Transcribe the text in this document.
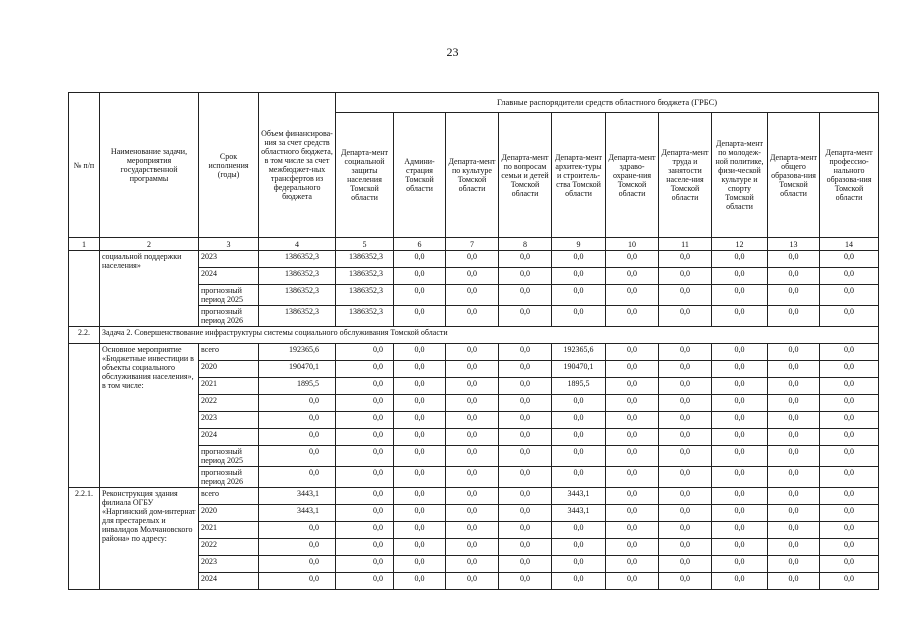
23
№ п/п	Наименование задачи, мероприятия государственной программы	Срок исполнения (годы)	Объем финансирова-ния за счет средств областного бюджета, в том числе за счет межбюджет-ных трансфертов из федерального бюджета	Главные распорядители средств областного бюджета (ГРБС)									
				Департа-мент социальной защиты населения Томской области	Админи-страция Томской области	Департа-мент по культуре Томской области	Департа-мент по вопросам семьи и детей Томской области	Департа-мент архитек-туры и строитель-ства Томской области	Департа-мент здраво-охране-ния Томской области	Департа-мент труда и занятости населе-ния Томской области	Департа-мент по молодеж-ной политике, физи-ческой культуре и спорту Томской области	Департа-мент общего образова-ния Томской области	Департа-мент профессио-нального образова-ния Томской области
1	2	3	4	5	6	7	8	9	10	11	12	13	14
	социальной поддержки населения»	2023	1386352,3	1386352,3	0,0	0,0	0,0	0,0	0,0	0,0	0,0	0,0	0,0
		2024	1386352,3	1386352,3	0,0	0,0	0,0	0,0	0,0	0,0	0,0	0,0	0,0
		прогнозный период 2025	1386352,3	1386352,3	0,0	0,0	0,0	0,0	0,0	0,0	0,0	0,0	0,0
		прогнозный период 2026	1386352,3	1386352,3	0,0	0,0	0,0	0,0	0,0	0,0	0,0	0,0	0,0
2.2.	Задача 2. Совершенствование инфраструктуры системы социального обслуживания Томской области												
	Основное мероприятие «Бюджетные инвестиции в объекты социального обслуживания населения», в том числе:	всего	192365,6	0,0	0,0	0,0	0,0	192365,6	0,0	0,0	0,0	0,0	0,0
		2020	190470,1	0,0	0,0	0,0	0,0	190470,1	0,0	0,0	0,0	0,0	0,0
		2021	1895,5	0,0	0,0	0,0	0,0	1895,5	0,0	0,0	0,0	0,0	0,0
		2022	0,0	0,0	0,0	0,0	0,0	0,0	0,0	0,0	0,0	0,0	0,0
		2023	0,0	0,0	0,0	0,0	0,0	0,0	0,0	0,0	0,0	0,0	0,0
		2024	0,0	0,0	0,0	0,0	0,0	0,0	0,0	0,0	0,0	0,0	0,0
		прогнозный период 2025	0,0	0,0	0,0	0,0	0,0	0,0	0,0	0,0	0,0	0,0	0,0
		прогнозный период 2026	0,0	0,0	0,0	0,0	0,0	0,0	0,0	0,0	0,0	0,0	0,0
2.2.1.	Реконструкция здания филиала ОГБУ «Наргинский дом-интернат для престарелых и инвалидов Молчановского района» по адресу:	всего	3443,1	0,0	0,0	0,0	0,0	3443,1	0,0	0,0	0,0	0,0	0,0
		2020	3443,1	0,0	0,0	0,0	0,0	3443,1	0,0	0,0	0,0	0,0	0,0
		2021	0,0	0,0	0,0	0,0	0,0	0,0	0,0	0,0	0,0	0,0	0,0
		2022	0,0	0,0	0,0	0,0	0,0	0,0	0,0	0,0	0,0	0,0	0,0
		2023	0,0	0,0	0,0	0,0	0,0	0,0	0,0	0,0	0,0	0,0	0,0
		2024	0,0	0,0	0,0	0,0	0,0	0,0	0,0	0,0	0,0	0,0	0,0
